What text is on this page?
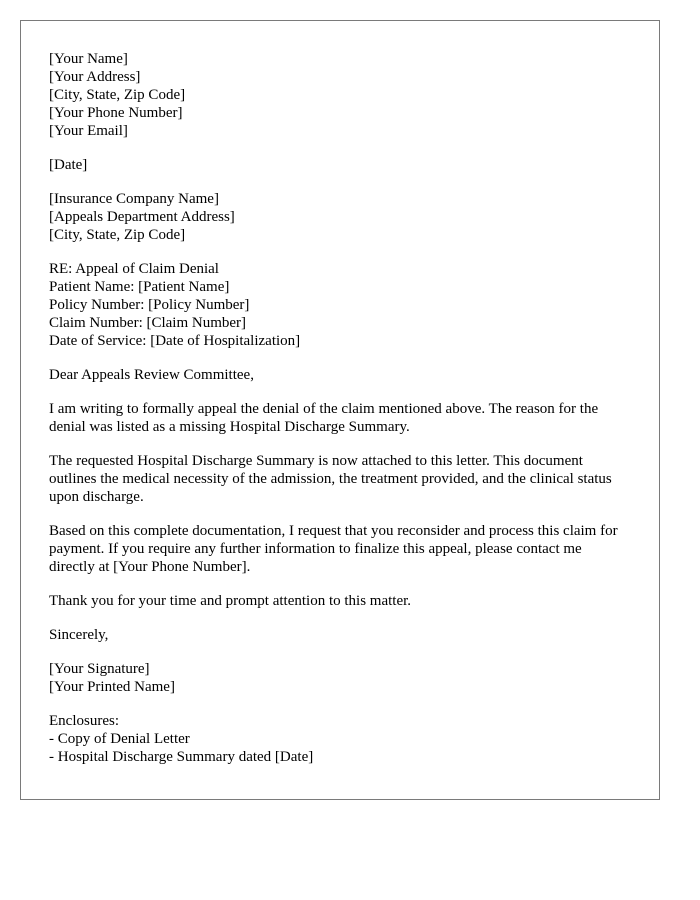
[Your Name]
[Your Address]
[City, State, Zip Code]
[Your Phone Number]
[Your Email]
[Date]
[Insurance Company Name]
[Appeals Department Address]
[City, State, Zip Code]
RE: Appeal of Claim Denial
Patient Name: [Patient Name]
Policy Number: [Policy Number]
Claim Number: [Claim Number]
Date of Service: [Date of Hospitalization]
Dear Appeals Review Committee,

I am writing to formally appeal the denial of the claim mentioned above. The reason for the denial was listed as a missing Hospital Discharge Summary.

The requested Hospital Discharge Summary is now attached to this letter. This document outlines the medical necessity of the admission, the treatment provided, and the clinical status upon discharge.

Based on this complete documentation, I request that you reconsider and process this claim for payment. If you require any further information to finalize this appeal, please contact me directly at [Your Phone Number].

Thank you for your time and prompt attention to this matter.

Sincerely,
[Your Signature]
[Your Printed Name]
Enclosures:
- Copy of Denial Letter
- Hospital Discharge Summary dated [Date]
